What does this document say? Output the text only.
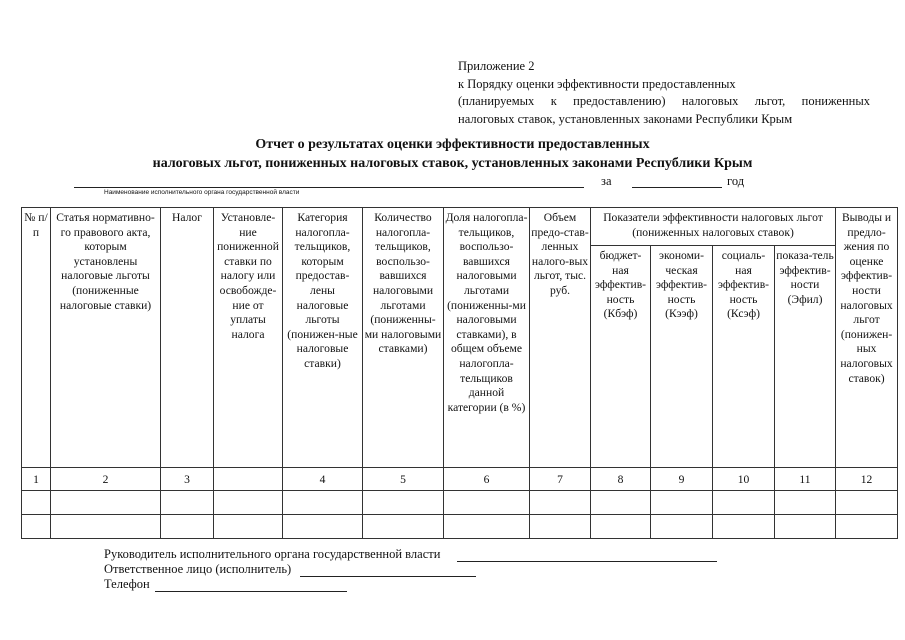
Приложение 2
к Порядку оценки эффективности предоставленных
(планируемых к предоставлению) налоговых льгот, пониженных
налоговых ставок, установленных законами Республики Крым
Отчет о результатах оценки эффективности предоставленных
налоговых льгот, пониженных налоговых ставок, установленных законами Республики Крым
за	год
Наименование исполнительного органа государственной власти
№ п/п	Статья нормативно-го правового акта, которым установлены налоговые льготы (пониженные налоговые ставки)	Налог	Установле-ние пониженной ставки по налогу или освобожде-ние от уплаты налога	Категория налогопла-тельщиков, которым предостав-лены налоговые льготы (понижен-ные налоговые ставки)	Количество налогопла-тельщиков, воспользо-вавшихся налоговыми льготами (пониженны-ми налоговыми ставками)	Доля налогопла-тельщиков, воспользо-вавшихся налоговыми льготами (пониженны-ми налоговыми ставками), в общем объеме налогопла-тельщиков данной категории (в %)	Объем предо-став-ленных налого-вых льгот, тыс. руб.	Показатели эффективности налоговых льгот (пониженных налоговых ставок)				Выводы и предло-жения по оценке эффектив-ности налоговых льгот (понижен-ных налоговых ставок)
								бюджет-ная эффектив-ность (Кбэф)	экономи-ческая эффектив-ность (Кээф)	социаль-ная эффектив-ность (Ксэф)	показа-тель эффектив-ности (Эфил)	
1	2	3		4	5	6	7	8	9	10	11	12

Руководитель исполнительного органа государственной власти
Ответственное лицо (исполнитель)
Телефон
